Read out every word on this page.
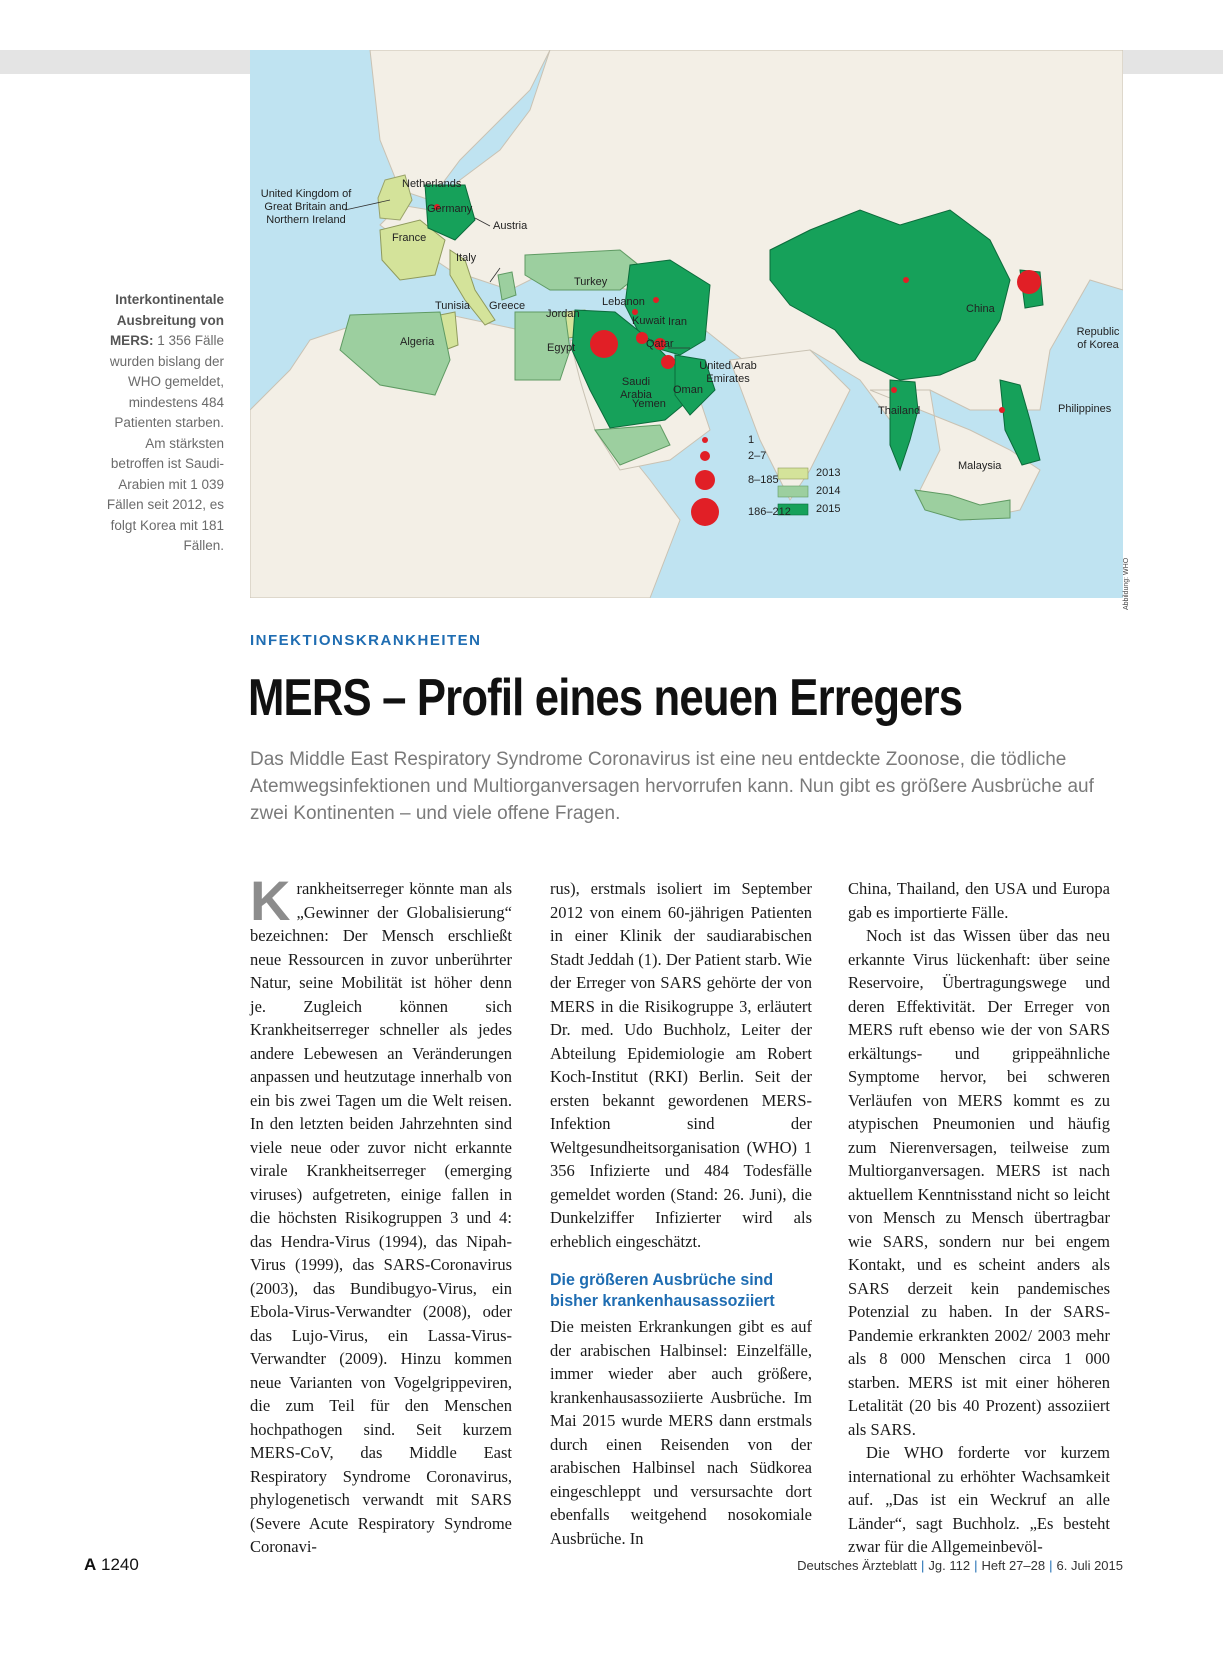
United Kingdom of Great Britain and Northern Ireland
Netherlands
Germany
Austria
France
Italy
Turkey
Lebanon
Tunisia Greece
Jordan
Kuwait Iran
Algeria	Egypt	Qatar
United Arab Emirates
Saudi Arabia	Oman
Yemen
China
Republic of Korea
Thailand	Philippines
Malaysia
1
2–7
8–185
186–212
2013
2014
2015
Abbildung: WHO
Interkontinentale Ausbreitung von MERS: 1 356 Fälle wurden bislang der WHO gemeldet, mindestens 484 Patienten starben. Am stärksten betroffen ist Saudi-Arabien mit 1 039 Fällen seit 2012, es folgt Korea mit 181 Fällen.
INFEKTIONSKRANKHEITEN
MERS – Profil eines neuen Erregers
Das Middle East Respiratory Syndrome Coronavirus ist eine neu entdeckte Zoonose, die tödliche Atemwegsinfektionen und Multiorganversagen hervorrufen kann. Nun gibt es größere Ausbrüche auf zwei Kontinenten – und viele offene Fragen.

Krankheitserreger könnte man als „Gewinner der Globalisierung“ bezeichnen: Der Mensch erschließt neue Ressourcen in zuvor unberührter Natur, seine Mobilität ist höher denn je. Zugleich können sich Krankheitserreger schneller als jedes andere Lebewesen an Veränderungen anpassen und heutzutage innerhalb von ein bis zwei Tagen um die Welt reisen. In den letzten beiden Jahrzehnten sind viele neue oder zuvor nicht erkannte virale Krankheitserreger (emerging viruses) aufgetreten, einige fallen in die höchsten Risikogruppen 3 und 4: das Hendra-Virus (1994), das Nipah-Virus (1999), das SARS-Coronavirus (2003), das Bundibugyo-Virus, ein Ebola-Virus-Verwandter (2008), oder das Lujo-Virus, ein Lassa-Virus-Verwandter (2009). Hinzu kommen neue Varianten von Vogelgrippeviren, die zum Teil für den Menschen hochpathogen sind. Seit kurzem MERS-CoV, das Middle East Respiratory Syndrome Coronavirus, phylogenetisch verwandt mit SARS (Severe Acute Respiratory Syndrome Coronavi-

rus), erstmals isoliert im September 2012 von einem 60-jährigen Patienten in einer Klinik der saudiarabischen Stadt Jeddah (1). Der Patient starb. Wie der Erreger von SARS gehörte der von MERS in die Risikogruppe 3, erläutert Dr. med. Udo Buchholz, Leiter der Abteilung Epidemiologie am Robert Koch-Institut (RKI) Berlin. Seit der ersten bekannt gewordenen MERS-Infektion sind der Weltgesundheitsorganisation (WHO) 1 356 Infizierte und 484 Todesfälle gemeldet worden (Stand: 26. Juni), die Dunkelziffer Infizierter wird als erheblich eingeschätzt.

Die größeren Ausbrüche sind bisher krankenhausassoziiert

Die meisten Erkrankungen gibt es auf der arabischen Halbinsel: Einzelfälle, immer wieder aber auch größere, krankenhausassoziierte Ausbrüche. Im Mai 2015 wurde MERS dann erstmals durch einen Reisenden von der arabischen Halbinsel nach Südkorea eingeschleppt und versursachte dort ebenfalls weitgehend nosokomiale Ausbrüche. In

China, Thailand, den USA und Europa gab es importierte Fälle.

Noch ist das Wissen über das neu erkannte Virus lückenhaft: über seine Reservoire, Übertragungswege und deren Effektivität. Der Erreger von MERS ruft ebenso wie der von SARS erkältungs- und grippeähnliche Symptome hervor, bei schweren Verläufen von MERS kommt es zu atypischen Pneumonien und häufig zum Nierenversagen, teilweise zum Multiorganversagen. MERS ist nach aktuellem Kenntnisstand nicht so leicht von Mensch zu Mensch übertragbar wie SARS, sondern nur bei engem Kontakt, und es scheint anders als SARS derzeit kein pandemisches Potenzial zu haben. In der SARS-Pandemie erkrankten 2002/ 2003 mehr als 8 000 Menschen circa 1 000 starben. MERS ist mit einer höheren Letalität (20 bis 40 Prozent) assoziiert als SARS.

Die WHO forderte vor kurzem international zu erhöhter Wachsamkeit auf. „Das ist ein Weckruf an alle Länder“, sagt Buchholz. „Es besteht zwar für die Allgemeinbevöl-

A 1240	Deutsches Ärzteblatt | Jg. 112 | Heft 27–28 | 6. Juli 2015
